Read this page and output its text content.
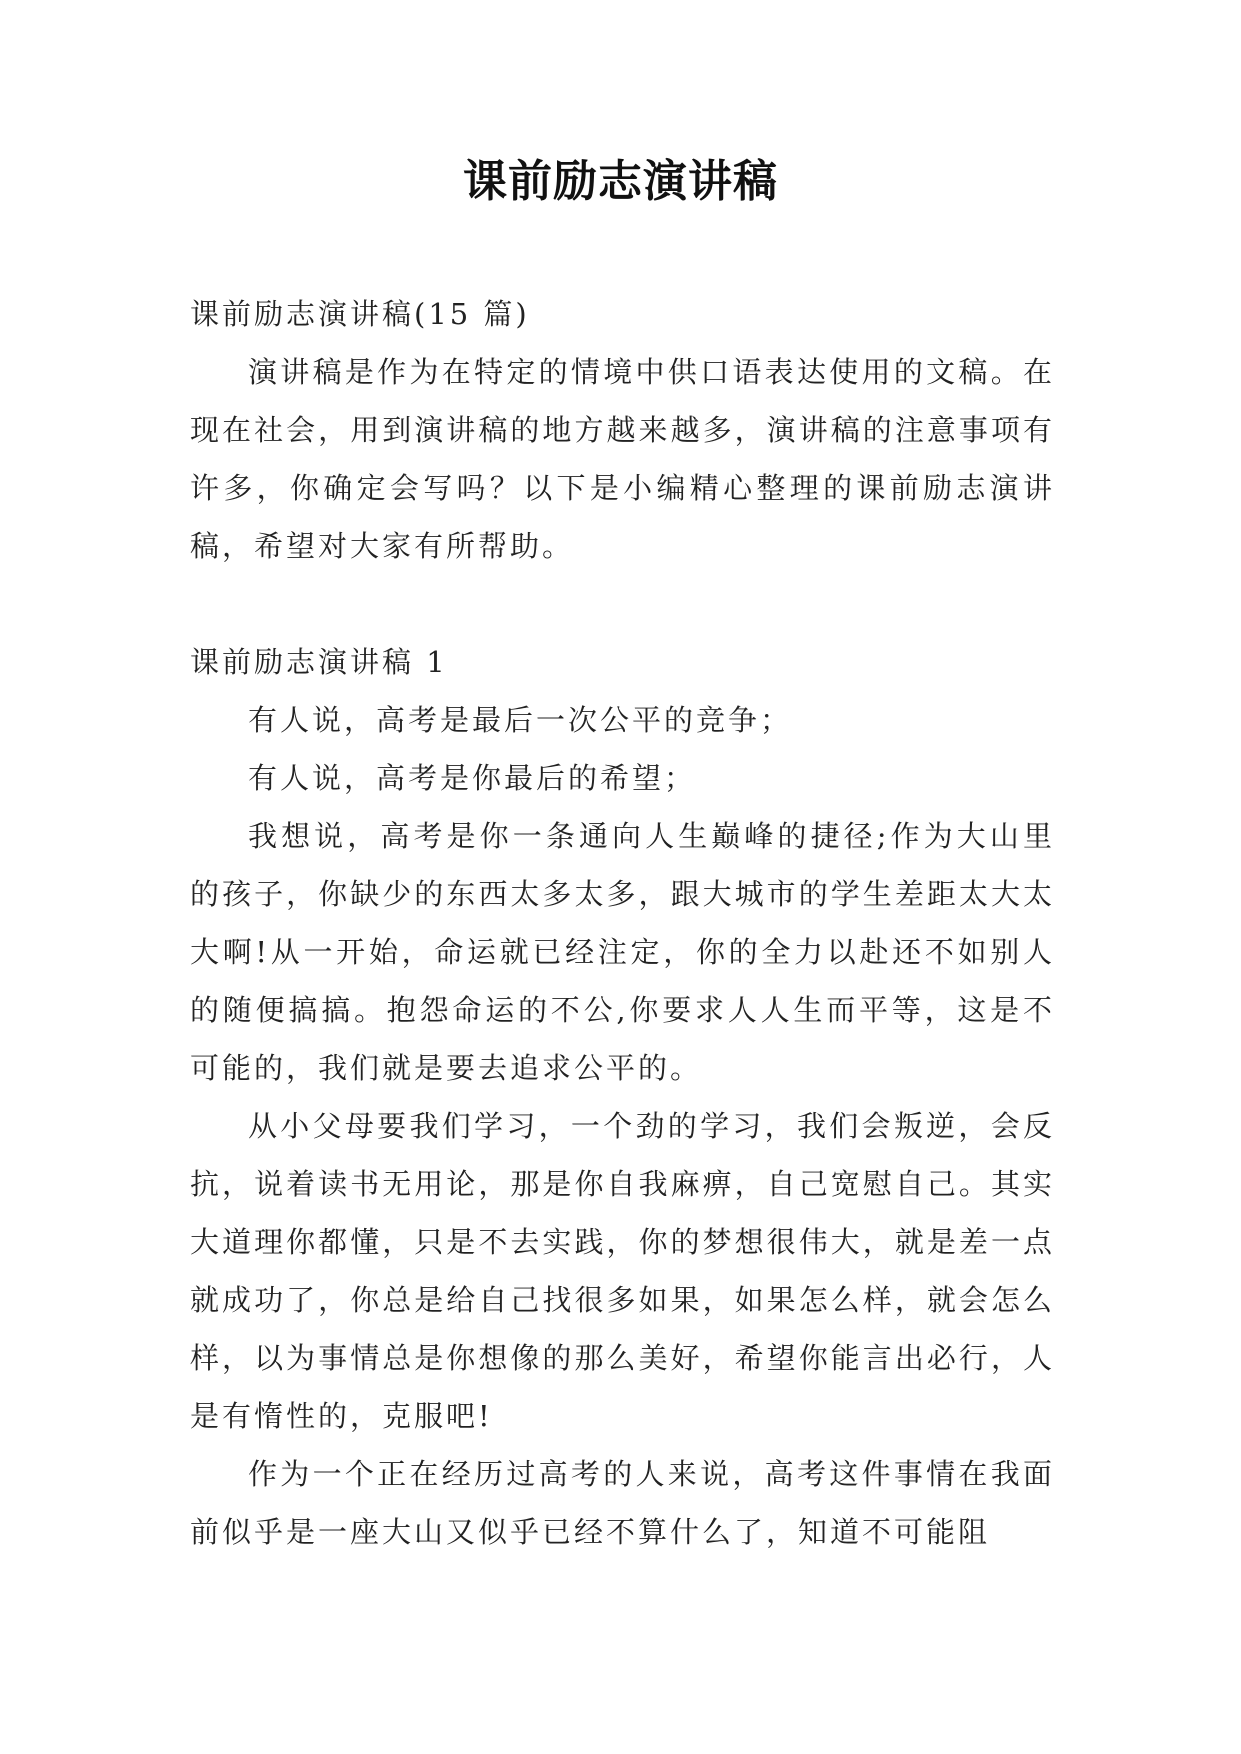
课前励志演讲稿

课前励志演讲稿(15 篇)

演讲稿是作为在特定的情境中供口语表达使用的文稿。在现在社会，用到演讲稿的地方越来越多，演讲稿的注意事项有许多，你确定会写吗？以下是小编精心整理的课前励志演讲稿，希望对大家有所帮助。

课前励志演讲稿 1

有人说，高考是最后一次公平的竞争；

有人说，高考是你最后的希望；

我想说，高考是你一条通向人生巅峰的捷径;作为大山里的孩子，你缺少的东西太多太多，跟大城市的学生差距太大太大啊!从一开始，命运就已经注定，你的全力以赴还不如别人的随便搞搞。抱怨命运的不公,你要求人人生而平等，这是不可能的，我们就是要去追求公平的。

从小父母要我们学习，一个劲的学习，我们会叛逆，会反抗，说着读书无用论，那是你自我麻痹，自己宽慰自己。其实大道理你都懂，只是不去实践，你的梦想很伟大，就是差一点就成功了，你总是给自己找很多如果，如果怎么样，就会怎么样，以为事情总是你想像的那么美好，希望你能言出必行，人是有惰性的，克服吧!

作为一个正在经历过高考的人来说，高考这件事情在我面前似乎是一座大山又似乎已经不算什么了，知道不可能阻
